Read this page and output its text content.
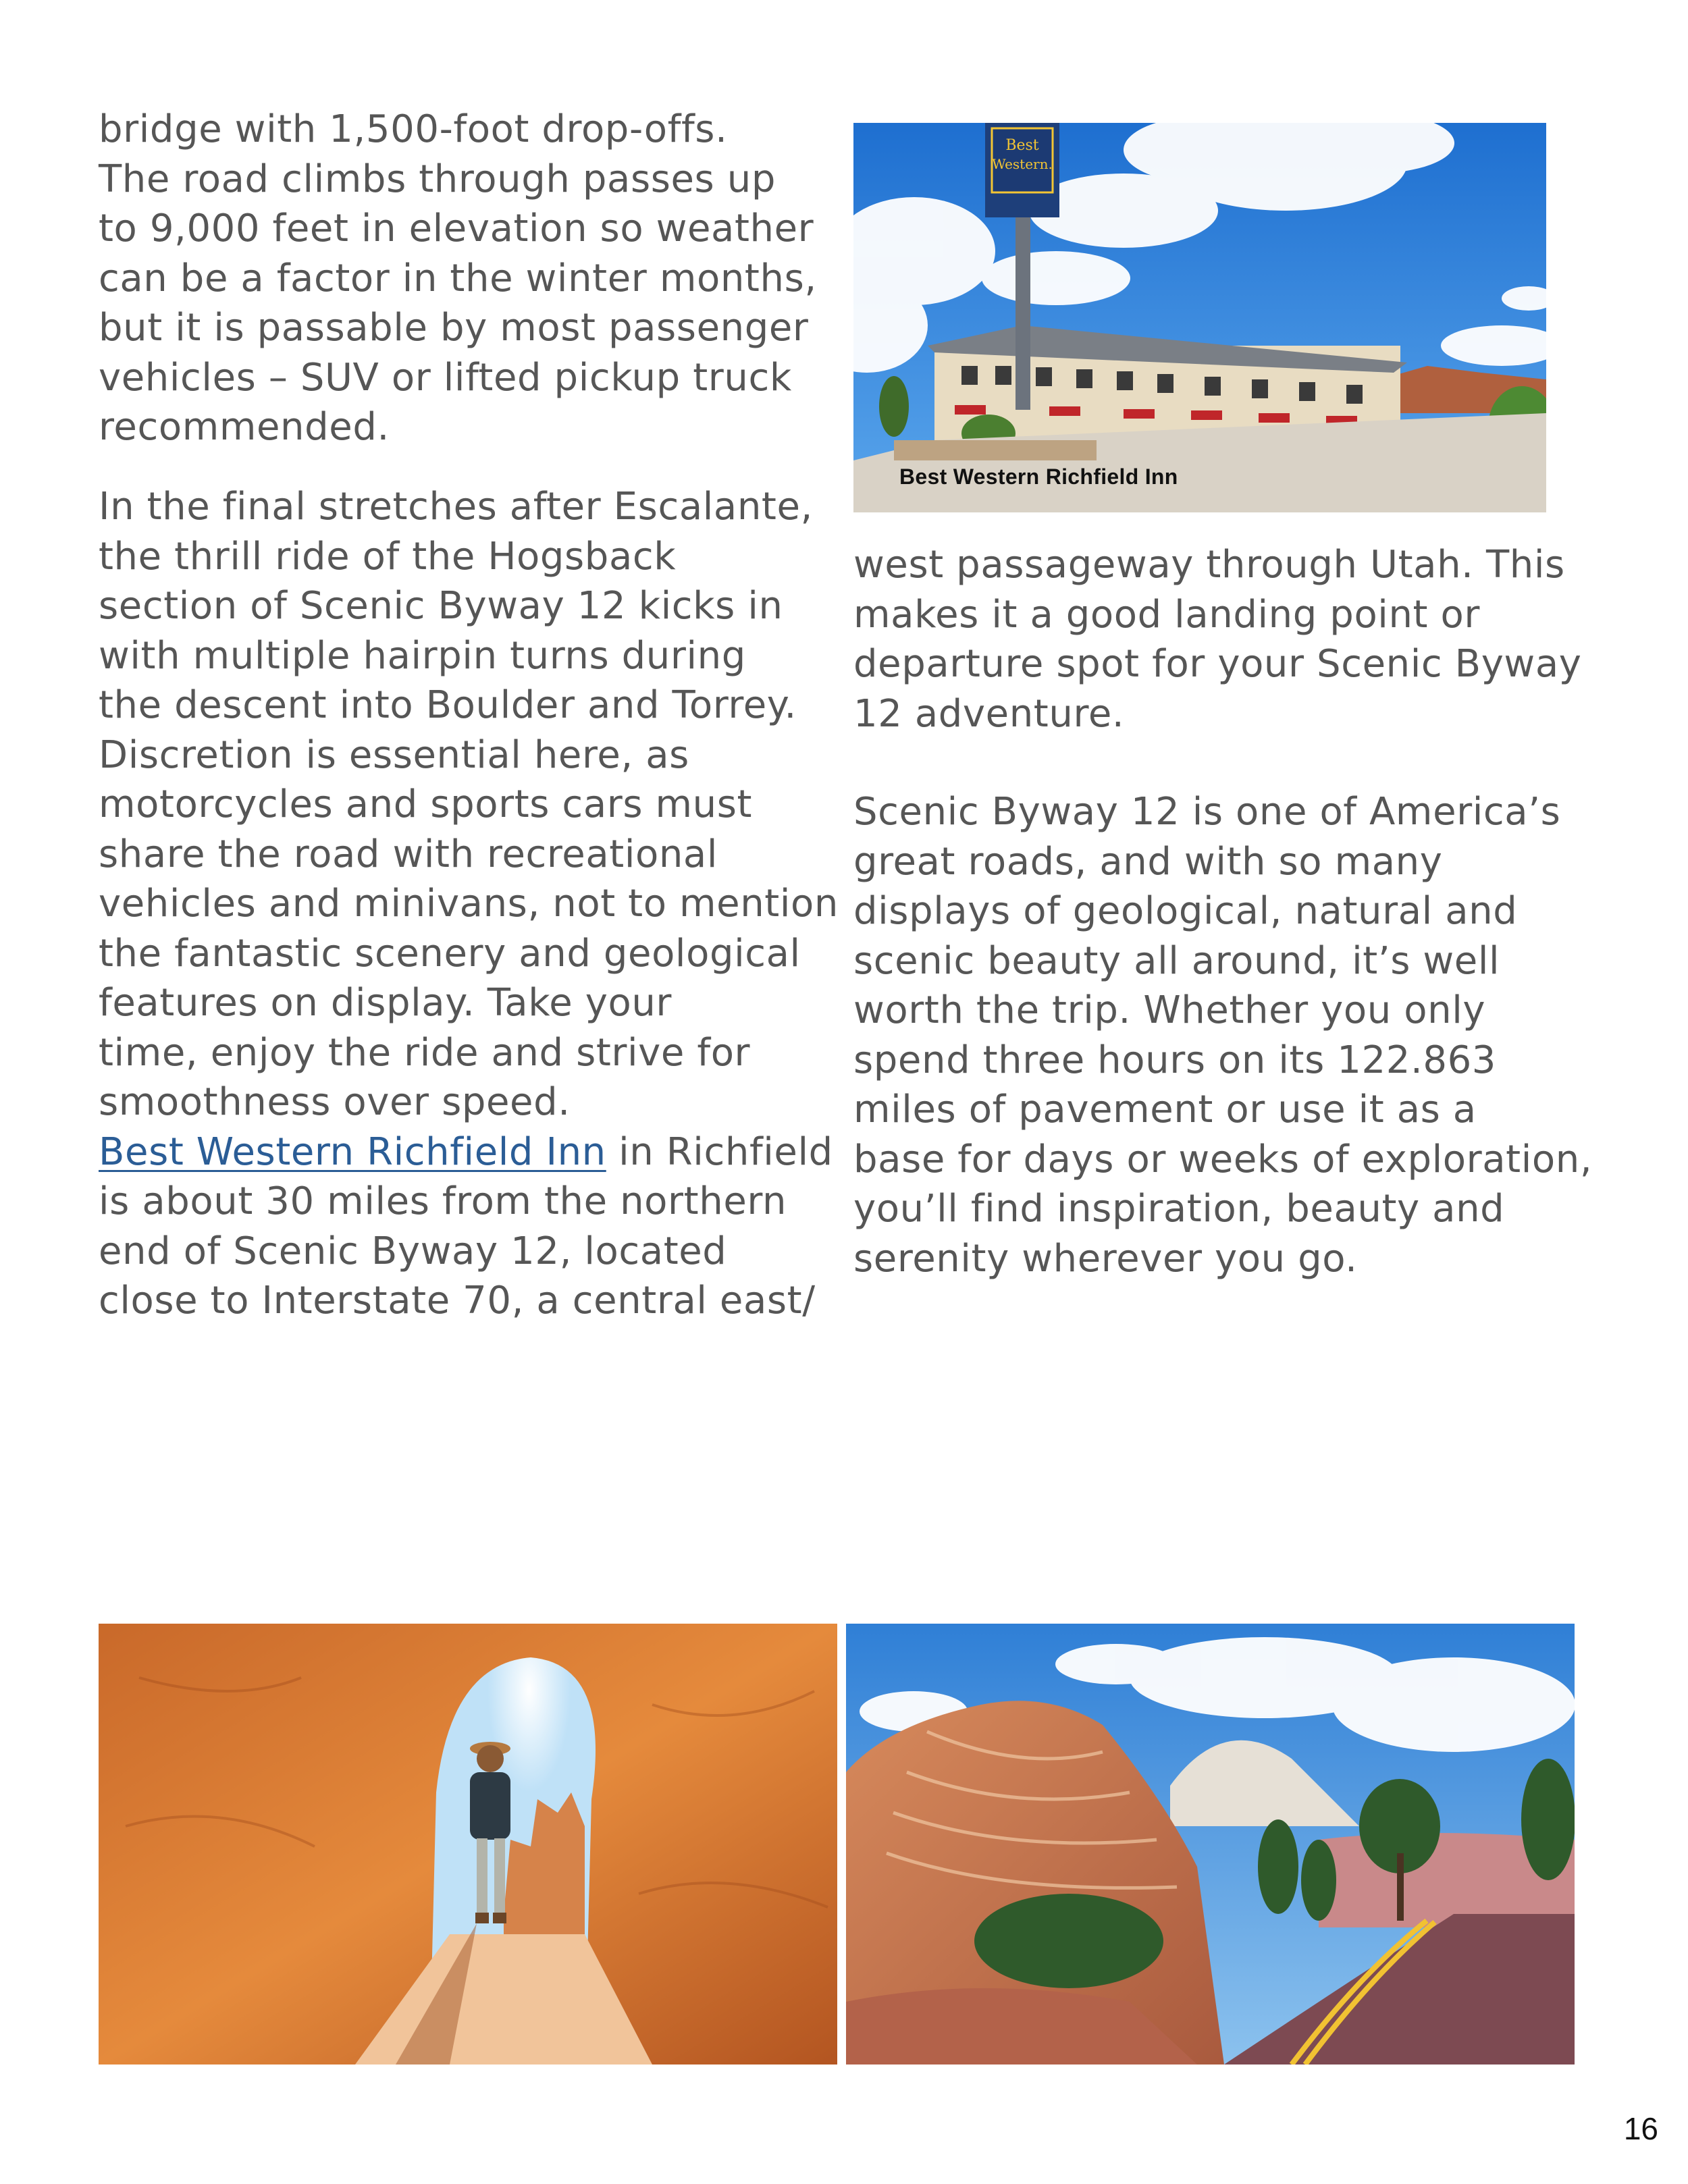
bridge with 1,500-foot drop-offs.
The road climbs through passes up
to 9,000 feet in elevation so weather
can be a factor in the winter months,
but it is passable by most passenger
vehicles – SUV or lifted pickup truck
recommended.
In the final stretches after Escalante,
the thrill ride of the Hogsback
section of Scenic Byway 12 kicks in
with multiple hairpin turns during
the descent into Boulder and Torrey.
Discretion is essential here, as
motorcycles and sports cars must
share the road with recreational
vehicles and minivans, not to mention
the fantastic scenery and geological
features on display. Take your
time, enjoy the ride and strive for
smoothness over speed.
Best Western Richfield Inn in Richfield
is about 30 miles from the northern
end of Scenic Byway 12, located
close to Interstate 70, a central east/
Best
Western.
Best Western Richfield Inn
west passageway through Utah. This
makes it a good landing point or
departure spot for your Scenic Byway
12 adventure.
Scenic Byway 12 is one of America’s
great roads, and with so many
displays of geological, natural and
scenic beauty all around, it’s well
worth the trip. Whether you only
spend three hours on its 122.863
miles of pavement or use it as a
base for days or weeks of exploration,
you’ll find inspiration, beauty and
serenity wherever you go.
16
